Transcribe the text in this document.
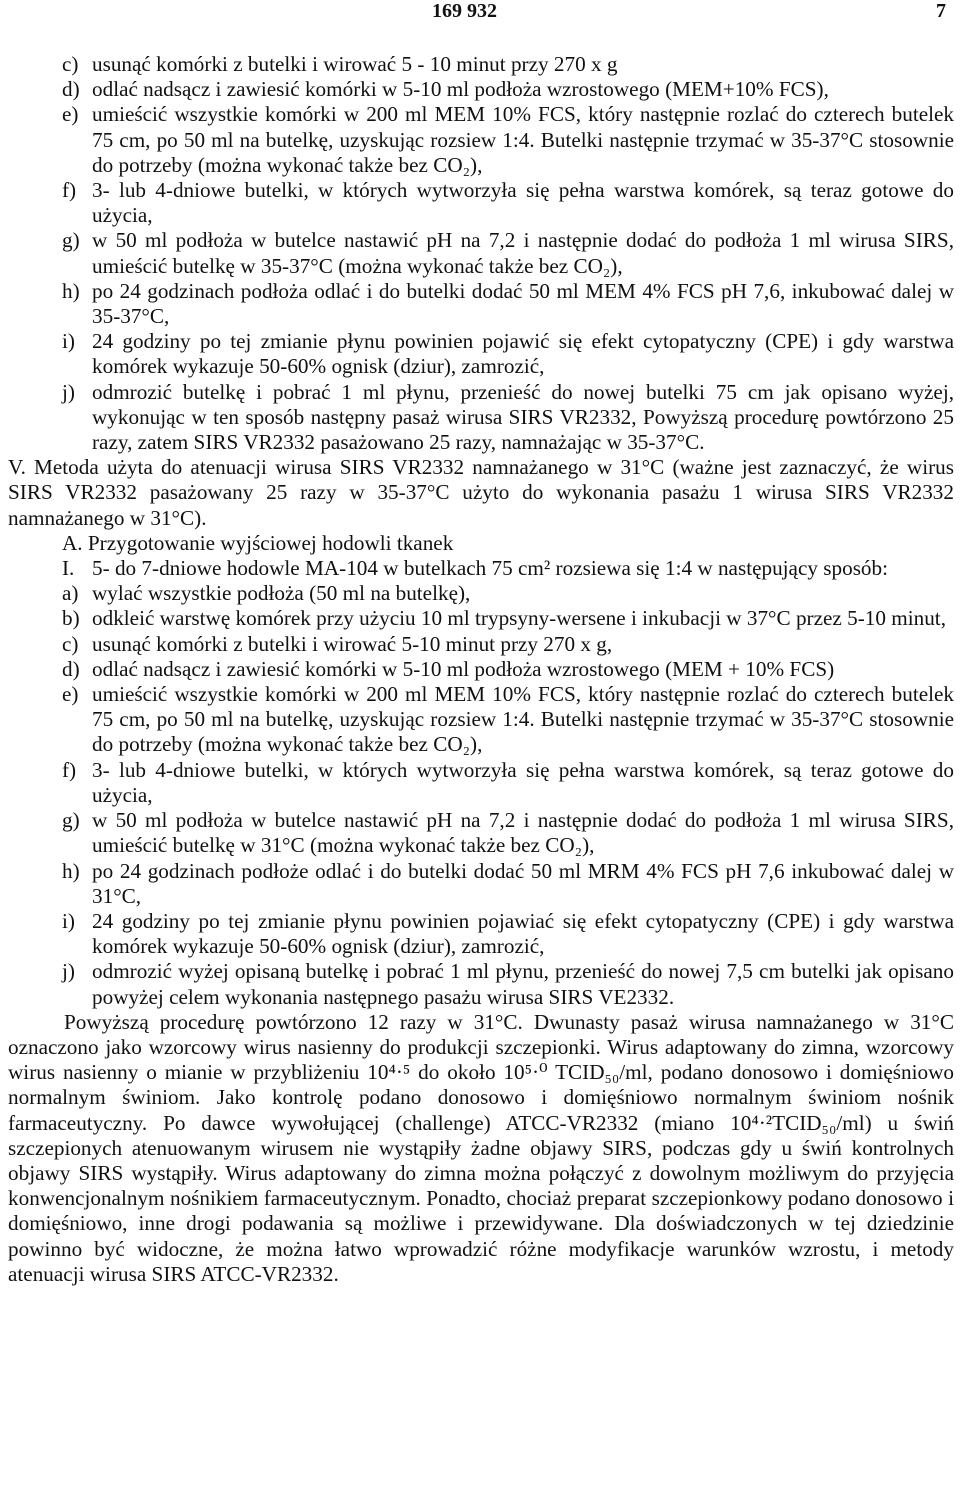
169 932	7
c) usunąć komórki z butelki i wirować 5 - 10 minut przy 270 x g
d) odlać nadsącz i zawiesić komórki w 5-10 ml podłoża wzrostowego (MEM+10% FCS),
e) umieścić wszystkie komórki w 200 ml MEM 10% FCS, który następnie rozlać do czterech butelek 75 cm, po 50 ml na butelkę, uzyskując rozsiew 1:4. Butelki następnie trzymać w 35-37°C stosownie do potrzeby (można wykonać także bez CO₂),
f) 3- lub 4-dniowe butelki, w których wytworzyła się pełna warstwa komórek, są teraz gotowe do użycia,
g) w 50 ml podłoża w butelce nastawić pH na 7,2 i następnie dodać do podłoża 1 ml wirusa SIRS, umieścić butelkę w 35-37°C (można wykonać także bez CO₂),
h) po 24 godzinach podłoża odlać i do butelki dodać 50 ml MEM 4% FCS pH 7,6, inkubować dalej w 35-37°C,
i) 24 godziny po tej zmianie płynu powinien pojawić się efekt cytopatyczny (CPE) i gdy warstwa komórek wykazuje 50-60% ognisk (dziur), zamrozić,
j) odmrozić butelkę i pobrać 1 ml płynu, przenieść do nowej butelki 75 cm jak opisano wyżej, wykonując w ten sposób następny pasaż wirusa SIRS VR2332, Powyższą procedurę powtórzono 25 razy, zatem SIRS VR2332 pasażowano 25 razy, namnażając w 35-37°C.
V. Metoda użyta do atenuacji wirusa SIRS VR2332 namnażanego w 31°C (ważne jest zaznaczyć, że wirus SIRS VR2332 pasażowany 25 razy w 35-37°C użyto do wykonania pasażu 1 wirusa SIRS VR2332 namnażanego w 31°C).
A. Przygotowanie wyjściowej hodowli tkanek
I. 5- do 7-dniowe hodowle MA-104 w butelkach 75 cm² rozsiewa się 1:4 w następujący sposób:
a) wylać wszystkie podłoża (50 ml na butelkę),
b) odkleić warstwę komórek przy użyciu 10 ml trypsyny-wersene i inkubacji w 37°C przez 5-10 minut,
c) usunąć komórki z butelki i wirować 5-10 minut przy 270 x g,
d) odlać nadsącz i zawiesić komórki w 5-10 ml podłoża wzrostowego (MEM + 10% FCS)
e) umieścić wszystkie komórki w 200 ml MEM 10% FCS, który następnie rozlać do czterech butelek 75 cm, po 50 ml na butelkę, uzyskując rozsiew 1:4. Butelki następnie trzymać w 35-37°C stosownie do potrzeby (można wykonać także bez CO₂),
f) 3- lub 4-dniowe butelki, w których wytworzyła się pełna warstwa komórek, są teraz gotowe do użycia,
g) w 50 ml podłoża w butelce nastawić pH na 7,2 i następnie dodać do podłoża 1 ml wirusa SIRS, umieścić butelkę w 31°C (można wykonać także bez CO₂),
h) po 24 godzinach podłoże odlać i do butelki dodać 50 ml MRM 4% FCS pH 7,6 inkubować dalej w 31°C,
i) 24 godziny po tej zmianie płynu powinien pojawiać się efekt cytopatyczny (CPE) i gdy warstwa komórek wykazuje 50-60% ognisk (dziur), zamrozić,
j) odmrozić wyżej opisaną butelkę i pobrać 1 ml płynu, przenieść do nowej 7,5 cm butelki jak opisano powyżej celem wykonania następnego pasażu wirusa SIRS VE2332.
Powyższą procedurę powtórzono 12 razy w 31°C. Dwunasty pasaż wirusa namnażanego w 31°C oznaczono jako wzorcowy wirus nasienny do produkcji szczepionki. Wirus adaptowany do zimna, wzorcowy wirus nasienny o mianie w przybliżeniu 10⁴·⁵ do około 10⁵·⁰ TCID₅₀/ml, podano donosowo i domięśniowo normalnym świniom. Jako kontrolę podano donosowo i domięśniowo normalnym świniom nośnik farmaceutyczny. Po dawce wywołującej (challenge) ATCC-VR2332 (miano 10⁴·²TCID₅₀/ml) u świń szczepionych atenuowanym wirusem nie wystąpiły żadne objawy SIRS, podczas gdy u świń kontrolnych objawy SIRS wystąpiły. Wirus adaptowany do zimna można połączyć z dowolnym możliwym do przyjęcia konwencjonalnym nośnikiem farmaceutycznym. Ponadto, chociaż preparat szczepionkowy podano donosowo i domięśniowo, inne drogi podawania są możliwe i przewidywane. Dla doświadczonych w tej dziedzinie powinno być widoczne, że można łatwo wprowadzić różne modyfikacje warunków wzrostu, i metody atenuacji wirusa SIRS ATCC-VR2332.
